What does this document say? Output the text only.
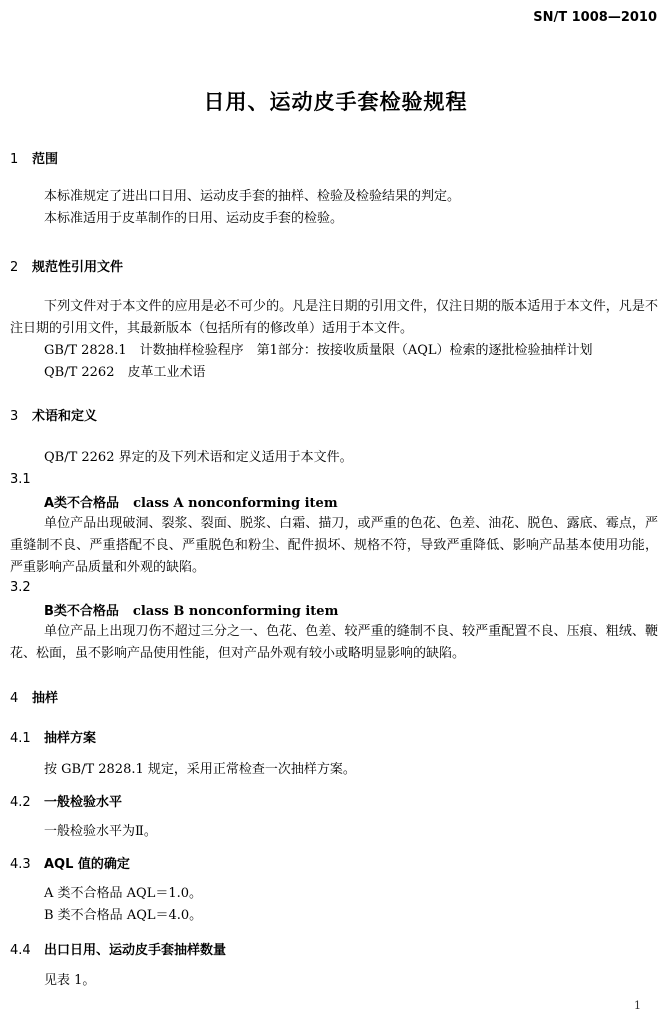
SN/T 1008—2010
日用、运动皮手套检验规程
1 范围
本标准规定了进出口日用、运动皮手套的抽样、检验及检验结果的判定。
本标准适用于皮革制作的日用、运动皮手套的检验。
2 规范性引用文件
下列文件对于本文件的应用是必不可少的。凡是注日期的引用文件，仅注日期的版本适用于本文件，凡是不注日期的引用文件，其最新版本（包括所有的修改单）适用于本文件。
GB/T 2828.1　计数抽样检验程序　第1部分：按接收质量限（AQL）检索的逐批检验抽样计划
QB/T 2262　皮革工业术语
3 术语和定义
QB/T 2262 界定的及下列术语和定义适用于本文件。
3.1
A类不合格品 class A nonconforming item
单位产品出现破洞、裂浆、裂面、脱浆、白霜、描刀，或严重的色花、色差、油花、脱色、露底、霉点，严重缝制不良、严重搭配不良、严重脱色和粉尘、配件损坏、规格不符，导致严重降低、影响产品基本使用功能，严重影响产品质量和外观的缺陷。
3.2
B类不合格品 class B nonconforming item
单位产品上出现刀伤不超过三分之一、色花、色差、较严重的缝制不良、较严重配置不良、压痕、粗绒、鞭花、松面，虽不影响产品使用性能，但对产品外观有较小或略明显影响的缺陷。
4 抽样
4.1 抽样方案
按 GB/T 2828.1 规定，采用正常检查一次抽样方案。
4.2 一般检验水平
一般检验水平为Ⅱ。
4.3 AQL 值的确定
A 类不合格品 AQL＝1.0。
B 类不合格品 AQL＝4.0。
4.4 出口日用、运动皮手套抽样数量
见表 1。
1
